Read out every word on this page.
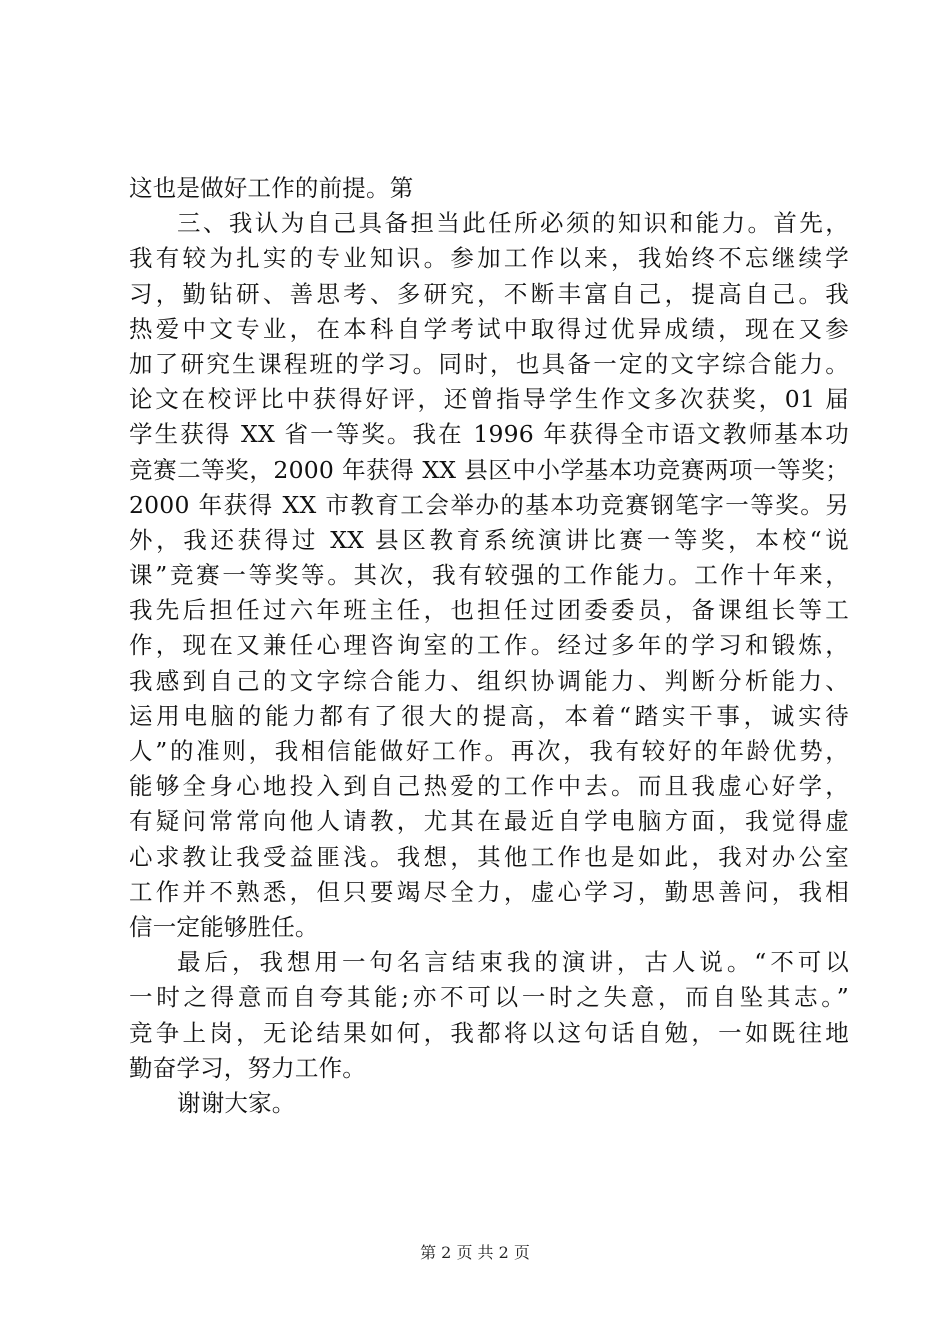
这也是做好工作的前提。第
三、我认为自己具备担当此任所必须的知识和能力。首先，
我有较为扎实的专业知识。参加工作以来，我始终不忘继续学
习，勤钻研、善思考、多研究，不断丰富自己，提高自己。我
热爱中文专业，在本科自学考试中取得过优异成绩，现在又参
加了研究生课程班的学习。同时，也具备一定的文字综合能力。
论文在校评比中获得好评，还曾指导学生作文多次获奖，01 届
学生获得 XX 省一等奖。我在 1996 年获得全市语文教师基本功
竞赛二等奖，2000 年获得 XX 县区中小学基本功竞赛两项一等奖；
2000 年获得 XX 市教育工会举办的基本功竞赛钢笔字一等奖。另
外，我还获得过 XX 县区教育系统演讲比赛一等奖，本校“说
课”竞赛一等奖等。其次，我有较强的工作能力。工作十年来，
我先后担任过六年班主任，也担任过团委委员，备课组长等工
作，现在又兼任心理咨询室的工作。经过多年的学习和锻炼，
我感到自己的文字综合能力、组织协调能力、判断分析能力、
运用电脑的能力都有了很大的提高，本着“踏实干事，诚实待
人”的准则，我相信能做好工作。再次，我有较好的年龄优势，
能够全身心地投入到自己热爱的工作中去。而且我虚心好学，
有疑问常常向他人请教，尤其在最近自学电脑方面，我觉得虚
心求教让我受益匪浅。我想，其他工作也是如此，我对办公室
工作并不熟悉，但只要竭尽全力，虚心学习，勤思善问，我相
信一定能够胜任。
最后，我想用一句名言结束我的演讲，古人说。“不可以
一时之得意而自夸其能;亦不可以一时之失意，而自坠其志。”
竞争上岗，无论结果如何，我都将以这句话自勉，一如既往地
勤奋学习，努力工作。
谢谢大家。
第 2 页 共 2 页
